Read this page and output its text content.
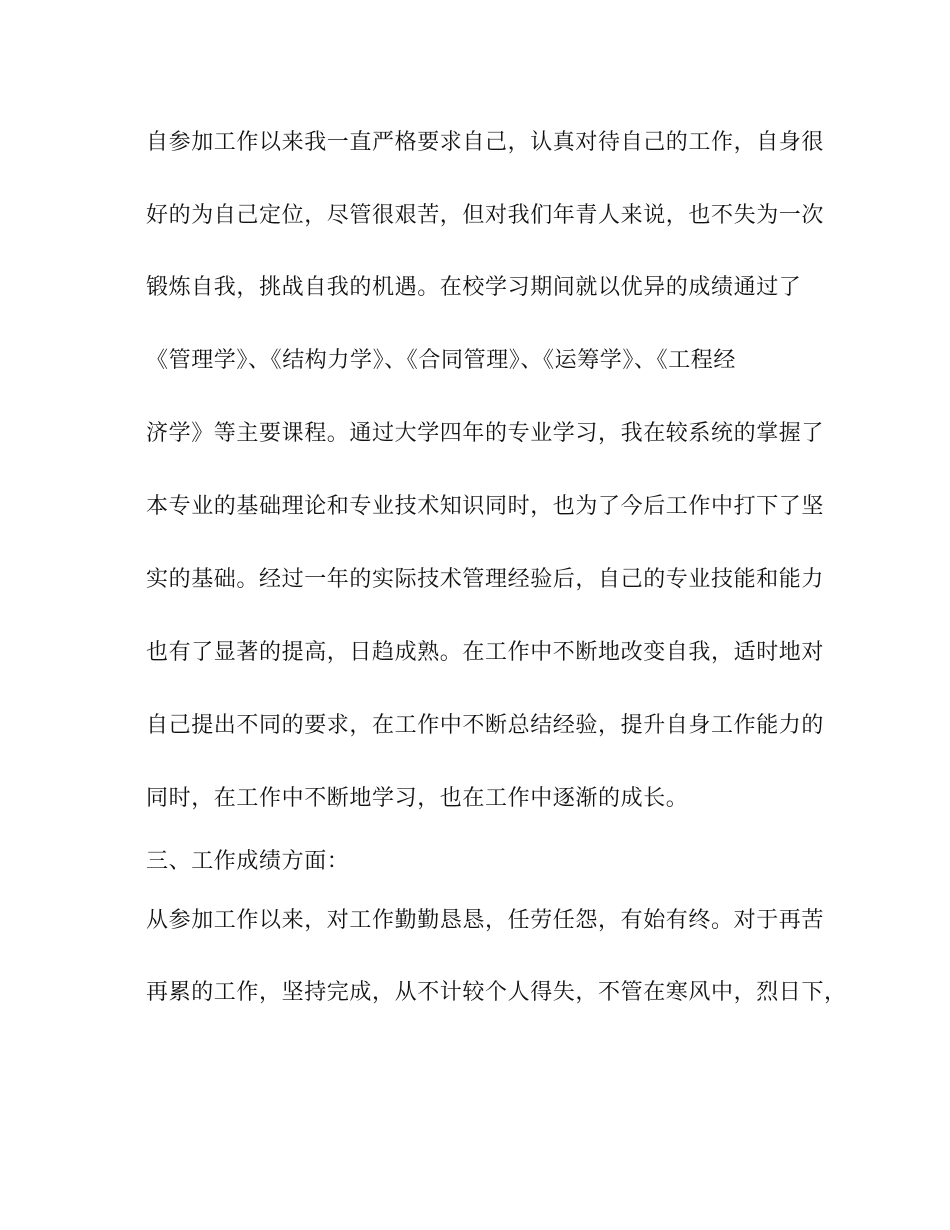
自参加工作以来我一直严格要求自己，认真对待自己的工作，自身很
好的为自己定位，尽管很艰苦，但对我们年青人来说，也不失为一次
锻炼自我，挑战自我的机遇。在校学习期间就以优异的成绩通过了
《管理学》、《结构力学》、《合同管理》、《运筹学》、《工程经
济学》等主要课程。通过大学四年的专业学习，我在较系统的掌握了
本专业的基础理论和专业技术知识同时，也为了今后工作中打下了坚
实的基础。经过一年的实际技术管理经验后，自己的专业技能和能力
也有了显著的提高，日趋成熟。在工作中不断地改变自我，适时地对
自己提出不同的要求，在工作中不断总结经验，提升自身工作能力的
同时，在工作中不断地学习，也在工作中逐渐的成长。
三、工作成绩方面：
从参加工作以来，对工作勤勤恳恳，任劳任怨，有始有终。对于再苦
再累的工作，坚持完成，从不计较个人得失，不管在寒风中，烈日下，
